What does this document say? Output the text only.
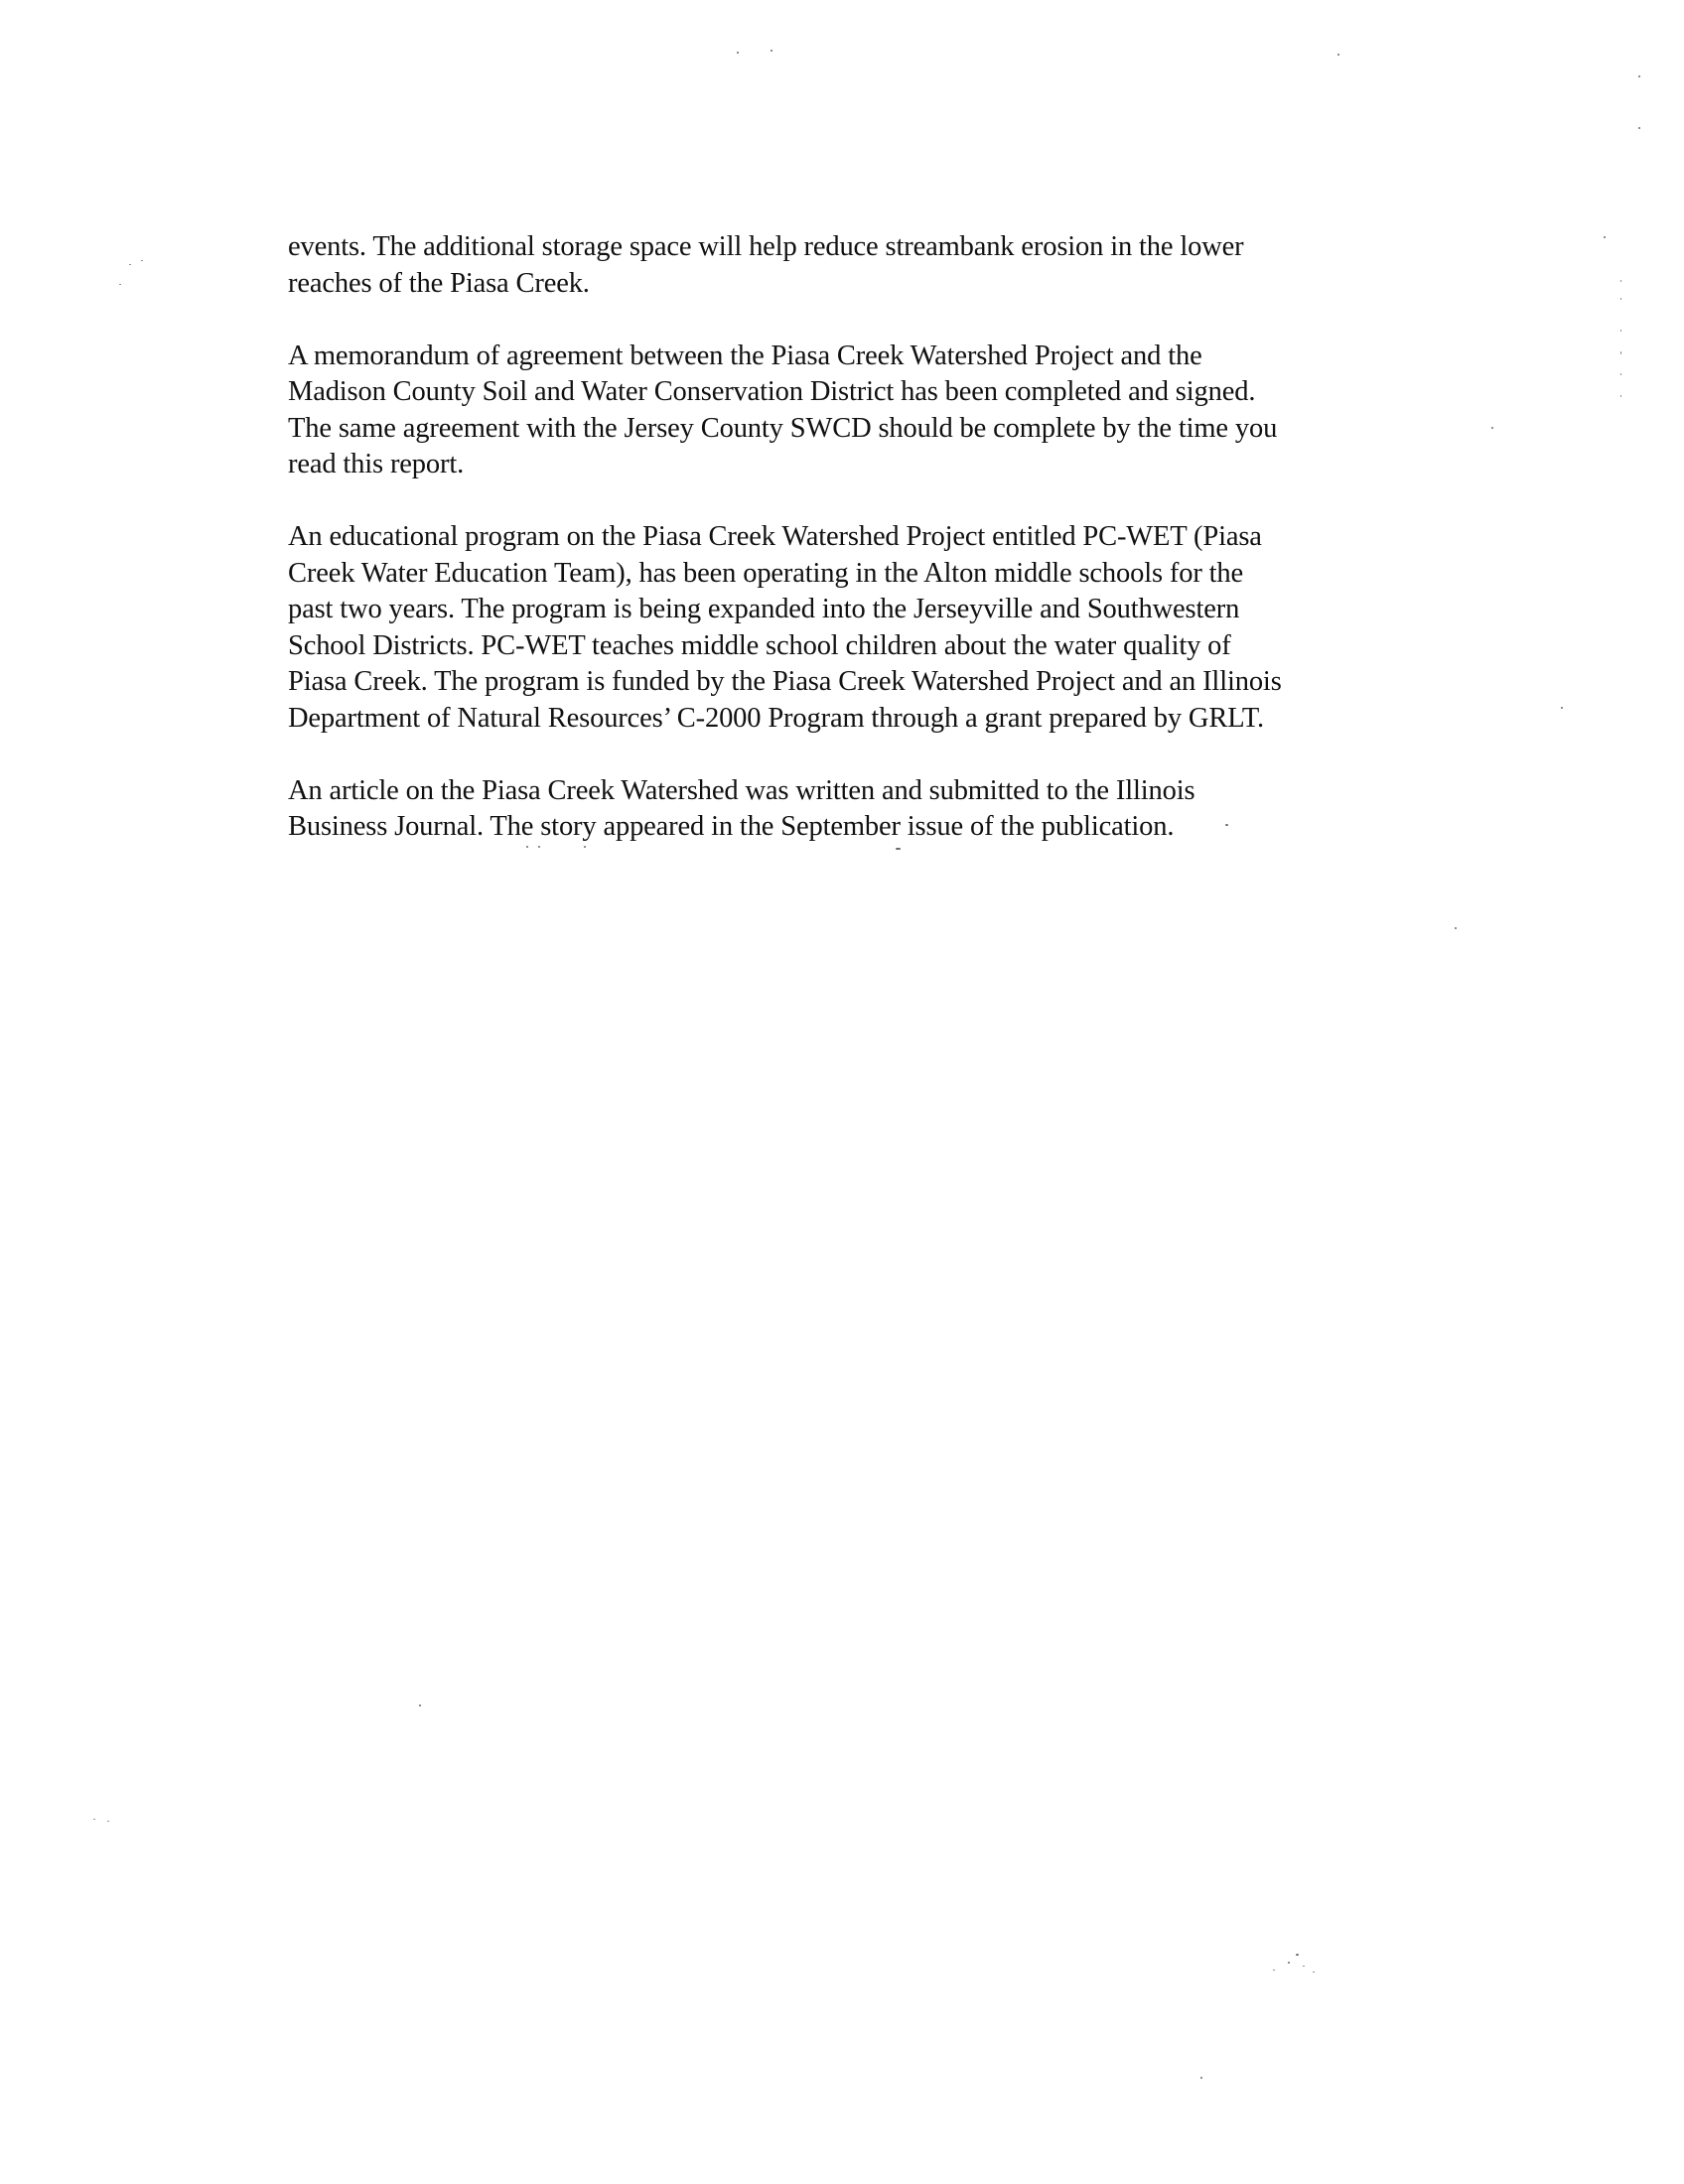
events. The additional storage space will help reduce streambank erosion in the lower
reaches of the Piasa Creek.

A memorandum of agreement between the Piasa Creek Watershed Project and the
Madison County Soil and Water Conservation District has been completed and signed.
The same agreement with the Jersey County SWCD should be complete by the time you
read this report.

An educational program on the Piasa Creek Watershed Project entitled PC-WET (Piasa
Creek Water Education Team), has been operating in the Alton middle schools for the
past two years. The program is being expanded into the Jerseyville and Southwestern
School Districts. PC-WET teaches middle school children about the water quality of
Piasa Creek. The program is funded by the Piasa Creek Watershed Project and an Illinois
Department of Natural Resources’ C-2000 Program through a grant prepared by GRLT.

An article on the Piasa Creek Watershed was written and submitted to the Illinois
Business Journal. The story appeared in the September issue of the publication.
